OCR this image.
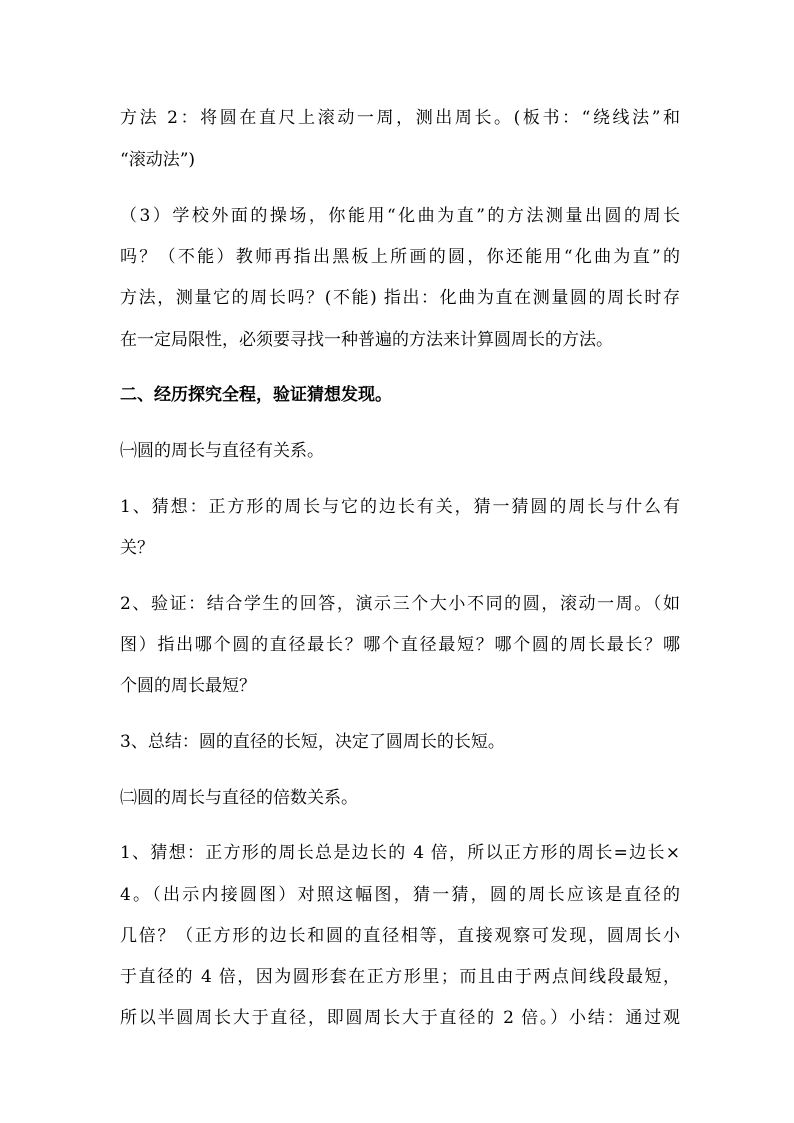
方法 2：将圆在直尺上滚动一周，测出周长。(板书：“绕线法”和
“滚动法”)
（3）学校外面的操场，你能用“化曲为直”的方法测量出圆的周长
吗？（不能）教师再指出黑板上所画的圆，你还能用“化曲为直”的
方法，测量它的周长吗？(不能) 指出：化曲为直在测量圆的周长时存
在一定局限性，必须要寻找一种普遍的方法来计算圆周长的方法。
二、经历探究全程，验证猜想发现。
㈠圆的周长与直径有关系。
1、猜想：正方形的周长与它的边长有关，猜一猜圆的周长与什么有
关？
2、验证：结合学生的回答，演示三个大小不同的圆，滚动一周。（如
图）指出哪个圆的直径最长？哪个直径最短？哪个圆的周长最长？哪
个圆的周长最短？
3、总结：圆的直径的长短，决定了圆周长的长短。
㈡圆的周长与直径的倍数关系。
1、猜想：正方形的周长总是边长的 4 倍，所以正方形的周长=边长×
4。（出示内接圆图）对照这幅图，猜一猜，圆的周长应该是直径的
几倍？（正方形的边长和圆的直径相等，直接观察可发现，圆周长小
于直径的 4 倍，因为圆形套在正方形里；而且由于两点间线段最短，
所以半圆周长大于直径，即圆周长大于直径的 2 倍。）小结：通过观
